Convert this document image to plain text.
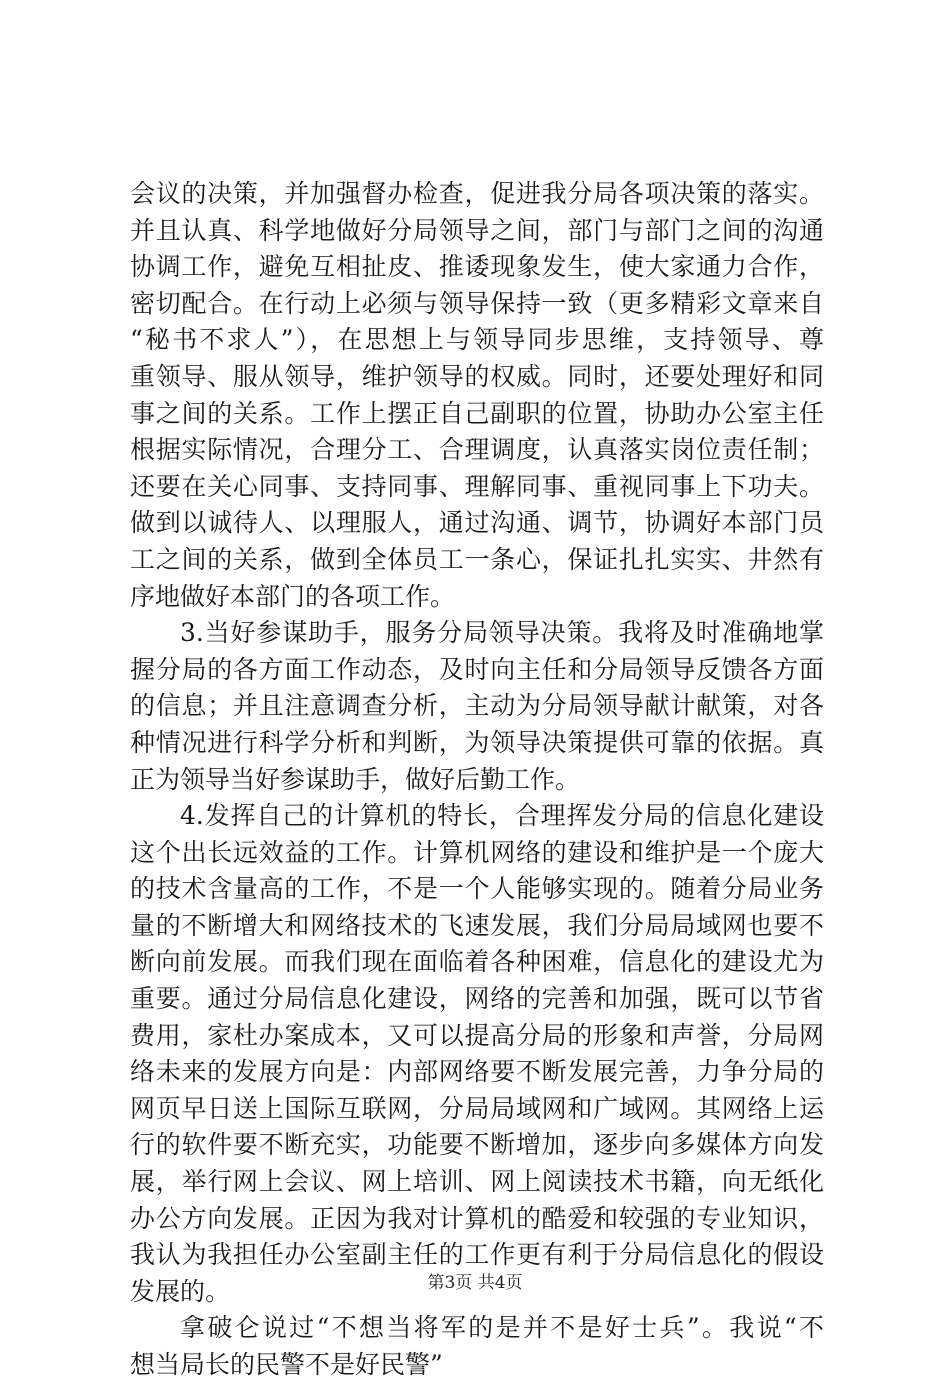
会议的决策，并加强督办检查，促进我分局各项决策的落实。
并且认真、科学地做好分局领导之间，部门与部门之间的沟通
协调工作，避免互相扯皮、推诿现象发生，使大家通力合作，
密切配合。在行动上必须与领导保持一致（更多精彩文章来自
“秘书不求人”），在思想上与领导同步思维，支持领导、尊
重领导、服从领导，维护领导的权威。同时，还要处理好和同
事之间的关系。工作上摆正自己副职的位置，协助办公室主任
根据实际情况，合理分工、合理调度，认真落实岗位责任制；
还要在关心同事、支持同事、理解同事、重视同事上下功夫。
做到以诚待人、以理服人，通过沟通、调节，协调好本部门员
工之间的关系，做到全体员工一条心，保证扎扎实实、井然有
序地做好本部门的各项工作。
3.当好参谋助手，服务分局领导决策。我将及时准确地掌
握分局的各方面工作动态，及时向主任和分局领导反馈各方面
的信息；并且注意调查分析，主动为分局领导献计献策，对各
种情况进行科学分析和判断，为领导决策提供可靠的依据。真
正为领导当好参谋助手，做好后勤工作。
4.发挥自己的计算机的特长，合理挥发分局的信息化建设
这个出长远效益的工作。计算机网络的建设和维护是一个庞大
的技术含量高的工作，不是一个人能够实现的。随着分局业务
量的不断增大和网络技术的飞速发展，我们分局局域网也要不
断向前发展。而我们现在面临着各种困难，信息化的建设尤为
重要。通过分局信息化建设，网络的完善和加强，既可以节省
费用，家杜办案成本，又可以提高分局的形象和声誉，分局网
络未来的发展方向是：内部网络要不断发展完善，力争分局的
网页早日送上国际互联网，分局局域网和广域网。其网络上运
行的软件要不断充实，功能要不断增加，逐步向多媒体方向发
展，举行网上会议、网上培训、网上阅读技术书籍，向无纸化
办公方向发展。正因为我对计算机的酷爱和较强的专业知识，
我认为我担任办公室副主任的工作更有利于分局信息化的假设
发展的。
拿破仑说过“不想当将军的是并不是好士兵”。我说“不
想当局长的民警不是好民警”
第3页 共4页
